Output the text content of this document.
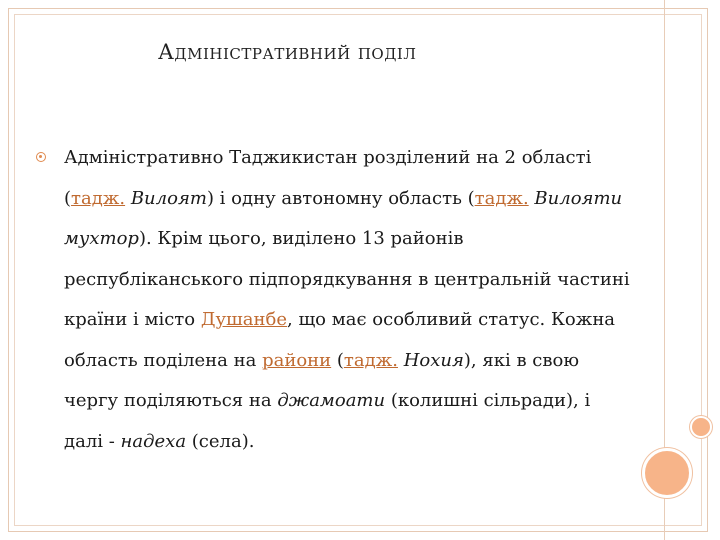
Адміністративний поділ
Адміністративно Таджикистан розділений на 2 області (тадж. Вилоят) і одну автономну область (тадж. Вилояти мухтор). Крім цього, виділено 13 районів республіканського підпорядкування в центральній частині країни і місто Душанбе, що має особливий статус. Кожна область поділена на райони (тадж. Нохия), які в свою чергу поділяються на джамоати (колишні сільради), і далі - надеха (села).
